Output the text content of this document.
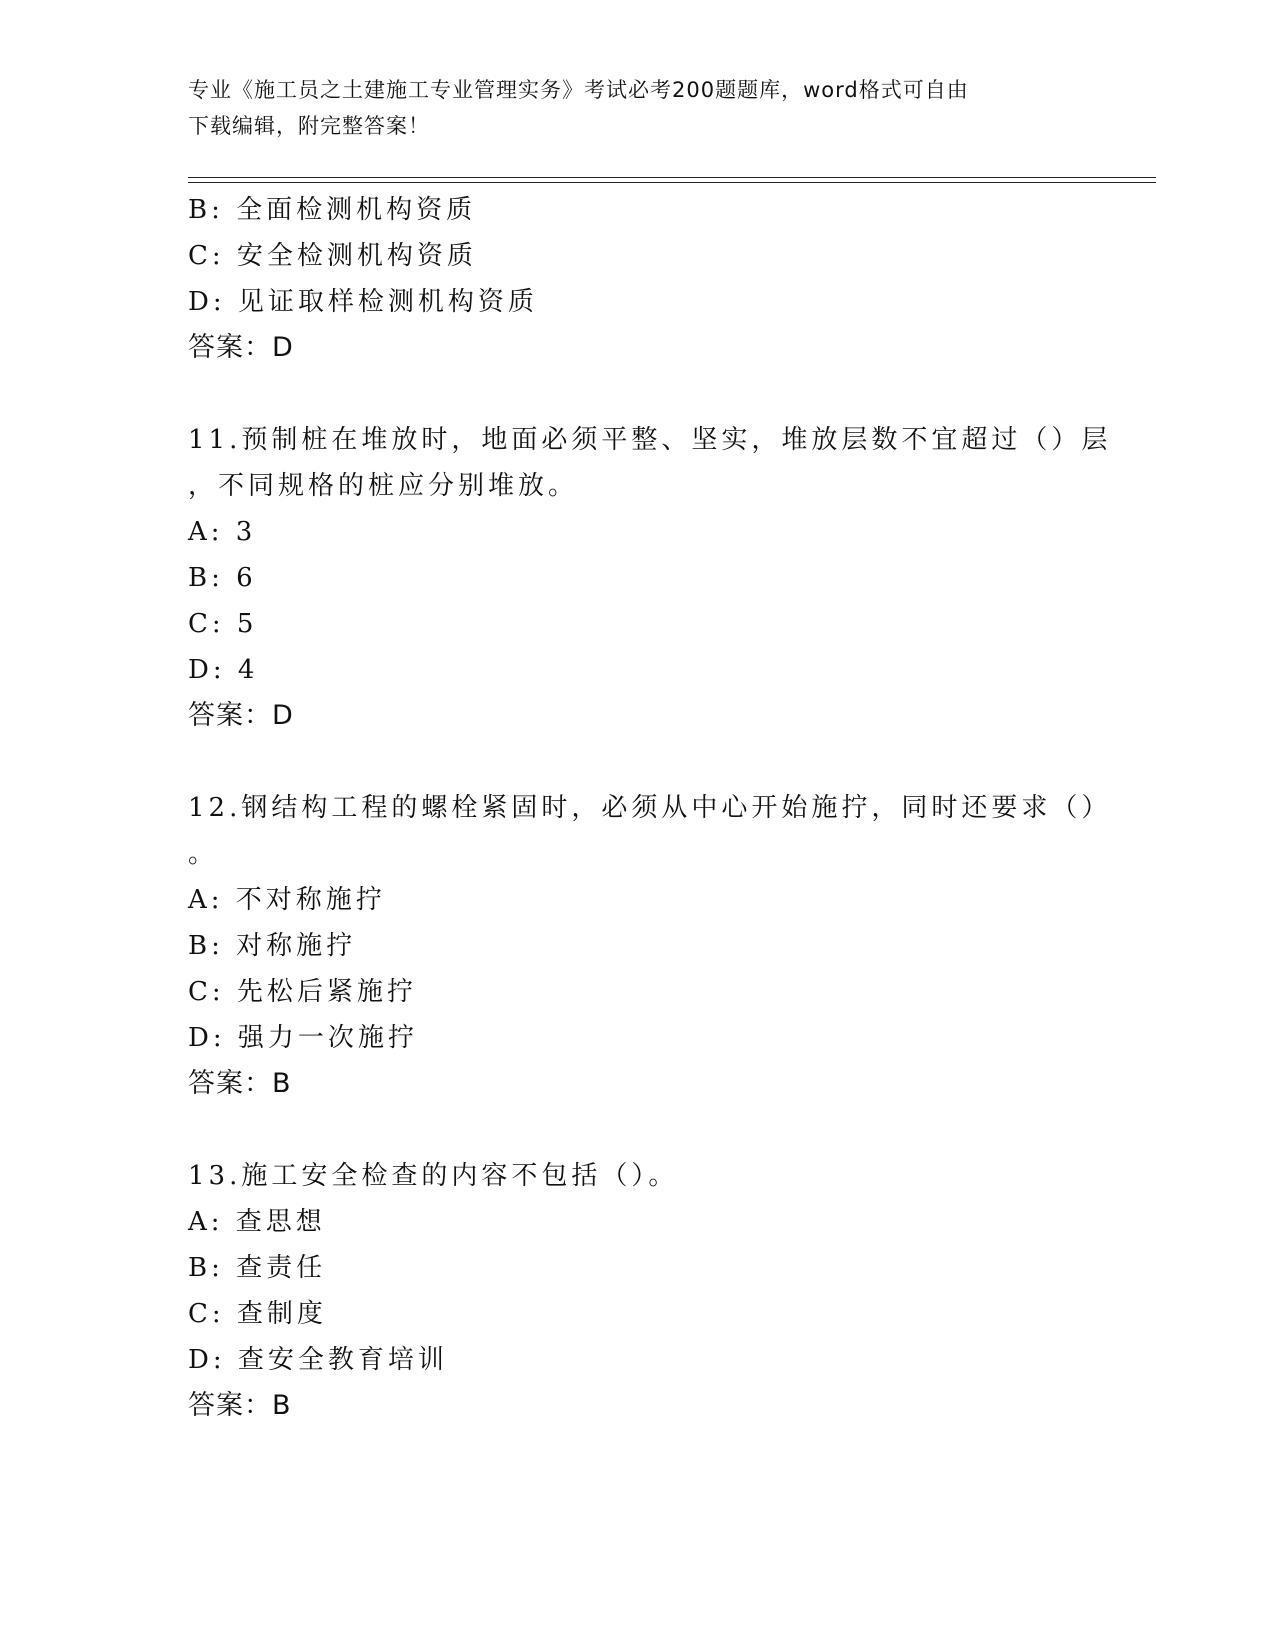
专业《施工员之土建施工专业管理实务》考试必考200题题库，word格式可自由
下载编辑，附完整答案！
B: 全面检测机构资质
C: 安全检测机构资质
D: 见证取样检测机构资质
答案：D
11.预制桩在堆放时，地面必须平整、坚实，堆放层数不宜超过（）层
，不同规格的桩应分别堆放。
A: 3
B: 6
C: 5
D: 4
答案：D
12.钢结构工程的螺栓紧固时，必须从中心开始施拧，同时还要求（）
。
A: 不对称施拧
B: 对称施拧
C: 先松后紧施拧
D: 强力一次施拧
答案：B
13.施工安全检查的内容不包括（）。
A: 查思想
B: 查责任
C: 查制度
D: 查安全教育培训
答案：B
